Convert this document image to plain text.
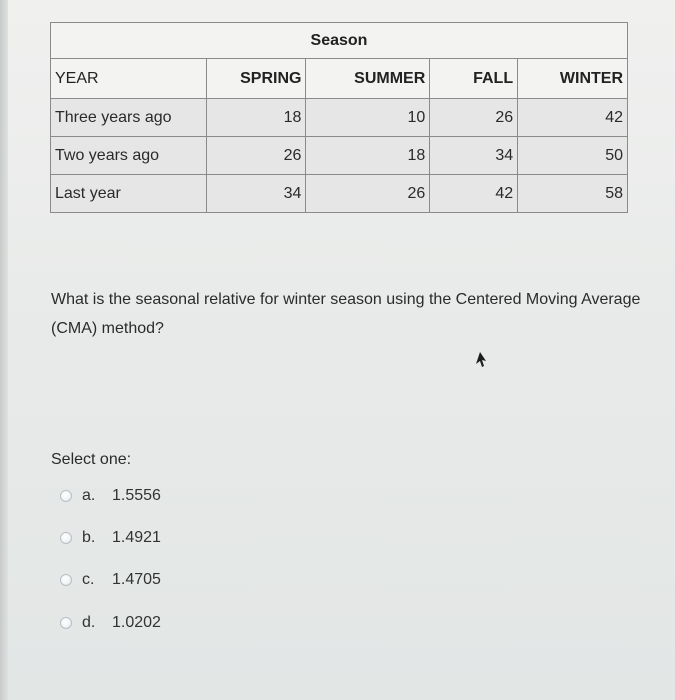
Season				
YEAR	SPRING	SUMMER	FALL	WINTER
Three years ago	18	10	26	42
Two years ago	26	18	34	50
Last year	34	26	42	58
What is the seasonal relative for winter season using the Centered Moving Average (CMA) method?
Select one:
a.	1.5556
b.	1.4921
c.	1.4705
d.	1.0202
